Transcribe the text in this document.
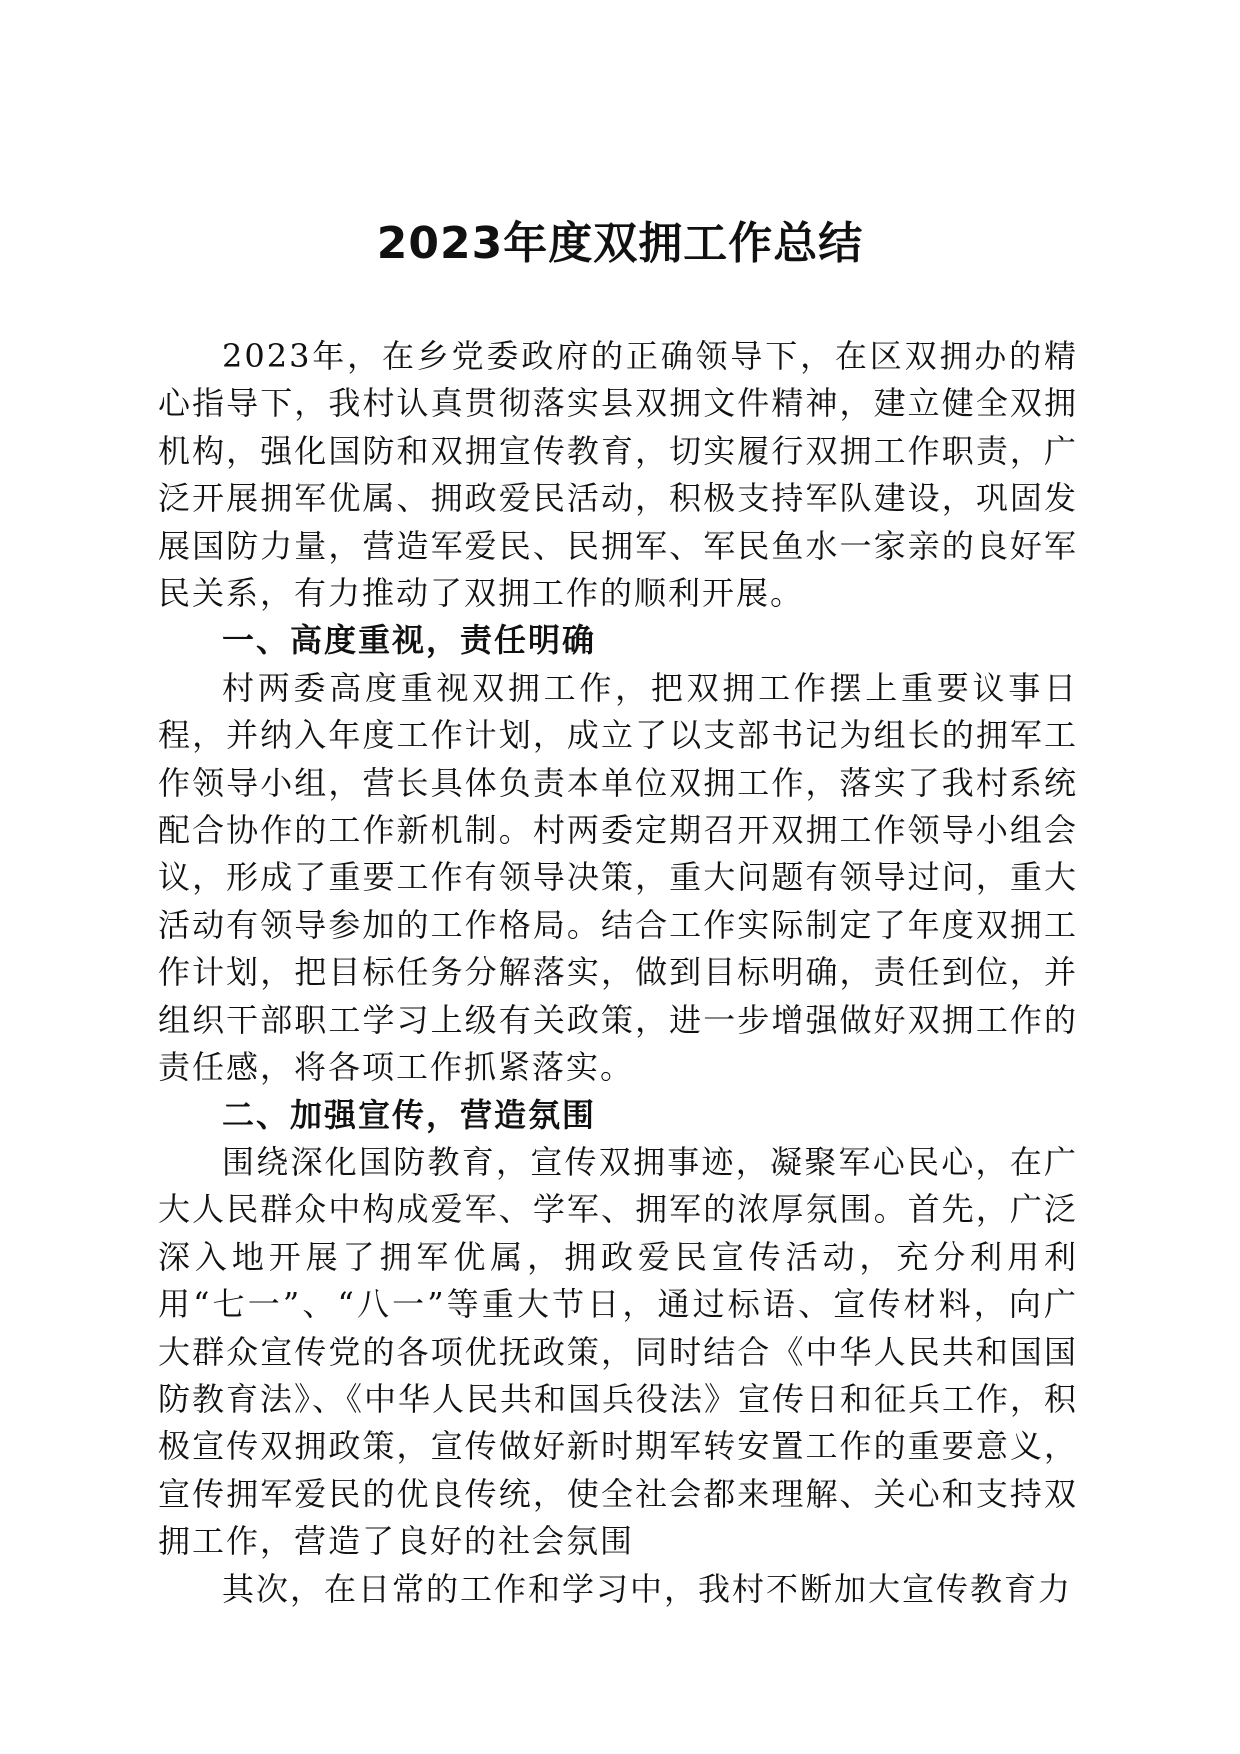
2023年度双拥工作总结

2023年，在乡党委政府的正确领导下，在区双拥办的精心指导下，我村认真贯彻落实县双拥文件精神，建立健全双拥机构，强化国防和双拥宣传教育，切实履行双拥工作职责，广泛开展拥军优属、拥政爱民活动，积极支持军队建设，巩固发展国防力量，营造军爱民、民拥军、军民鱼水一家亲的良好军民关系，有力推动了双拥工作的顺利开展。

一、高度重视，责任明确

村两委高度重视双拥工作，把双拥工作摆上重要议事日程，并纳入年度工作计划，成立了以支部书记为组长的拥军工作领导小组，营长具体负责本单位双拥工作，落实了我村系统配合协作的工作新机制。村两委定期召开双拥工作领导小组会议，形成了重要工作有领导决策，重大问题有领导过问，重大活动有领导参加的工作格局。结合工作实际制定了年度双拥工作计划，把目标任务分解落实，做到目标明确，责任到位，并组织干部职工学习上级有关政策，进一步增强做好双拥工作的责任感，将各项工作抓紧落实。

二、加强宣传，营造氛围

围绕深化国防教育，宣传双拥事迹，凝聚军心民心，在广大人民群众中构成爱军、学军、拥军的浓厚氛围。首先，广泛深入地开展了拥军优属，拥政爱民宣传活动，充分利用利用“七一”、“八一”等重大节日，通过标语、宣传材料，向广大群众宣传党的各项优抚政策，同时结合《中华人民共和国国防教育法》、《中华人民共和国兵役法》宣传日和征兵工作，积极宣传双拥政策，宣传做好新时期军转安置工作的重要意义，宣传拥军爱民的优良传统，使全社会都来理解、关心和支持双拥工作，营造了良好的社会氛围

其次，在日常的工作和学习中，我村不断加大宣传教育力
